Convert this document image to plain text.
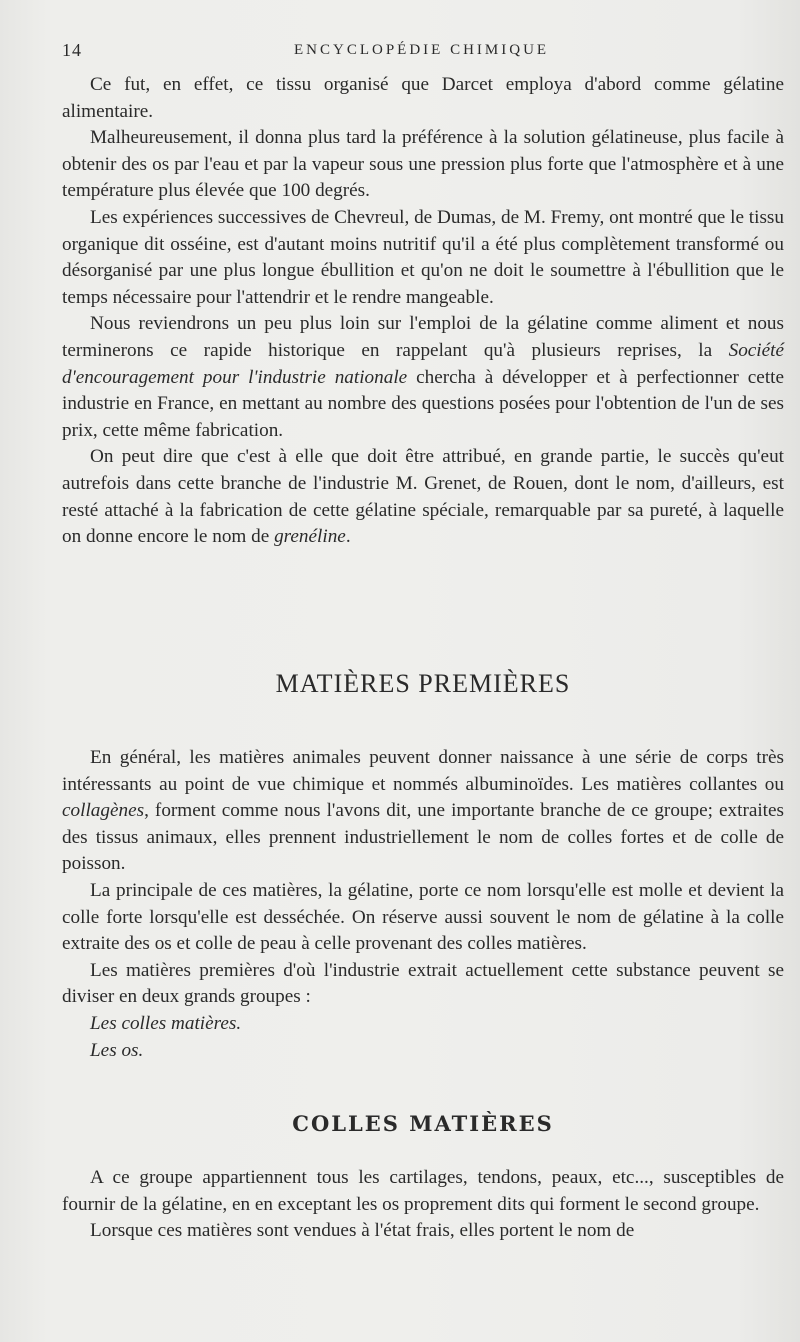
14	ENCYCLOPÉDIE CHIMIQUE

Ce fut, en effet, ce tissu organisé que Darcet employa d'abord comme gélatine alimentaire.

Malheureusement, il donna plus tard la préférence à la solution gélatineuse, plus facile à obtenir des os par l'eau et par la vapeur sous une pression plus forte que l'atmosphère et à une température plus élevée que 100 degrés.

Les expériences successives de Chevreul, de Dumas, de M. Fremy, ont montré que le tissu organique dit osséine, est d'autant moins nutritif qu'il a été plus complètement transformé ou désorganisé par une plus longue ébullition et qu'on ne doit le soumettre à l'ébullition que le temps nécessaire pour l'attendrir et le rendre mangeable.

Nous reviendrons un peu plus loin sur l'emploi de la gélatine comme aliment et nous terminerons ce rapide historique en rappelant qu'à plusieurs reprises, la Société d'encouragement pour l'industrie nationale chercha à développer et à perfectionner cette industrie en France, en mettant au nombre des questions posées pour l'obtention de l'un de ses prix, cette même fabrication.

On peut dire que c'est à elle que doit être attribué, en grande partie, le succès qu'eut autrefois dans cette branche de l'industrie M. Grenet, de Rouen, dont le nom, d'ailleurs, est resté attaché à la fabrication de cette gélatine spéciale, remarquable par sa pureté, à laquelle on donne encore le nom de grenéline.

MATIÈRES PREMIÈRES

En général, les matières animales peuvent donner naissance à une série de corps très intéressants au point de vue chimique et nommés albuminoïdes. Les matières collantes ou collagènes, forment comme nous l'avons dit, une importante branche de ce groupe; extraites des tissus animaux, elles prennent industriellement le nom de colles fortes et de colle de poisson.

La principale de ces matières, la gélatine, porte ce nom lorsqu'elle est molle et devient la colle forte lorsqu'elle est desséchée. On réserve aussi souvent le nom de gélatine à la colle extraite des os et colle de peau à celle provenant des colles matières.

Les matières premières d'où l'industrie extrait actuellement cette substance peuvent se diviser en deux grands groupes :

Les colles matières.

Les os.

COLLES MATIÈRES

A ce groupe appartiennent tous les cartilages, tendons, peaux, etc..., susceptibles de fournir de la gélatine, en en exceptant les os proprement dits qui forment le second groupe.

Lorsque ces matières sont vendues à l'état frais, elles portent le nom de
